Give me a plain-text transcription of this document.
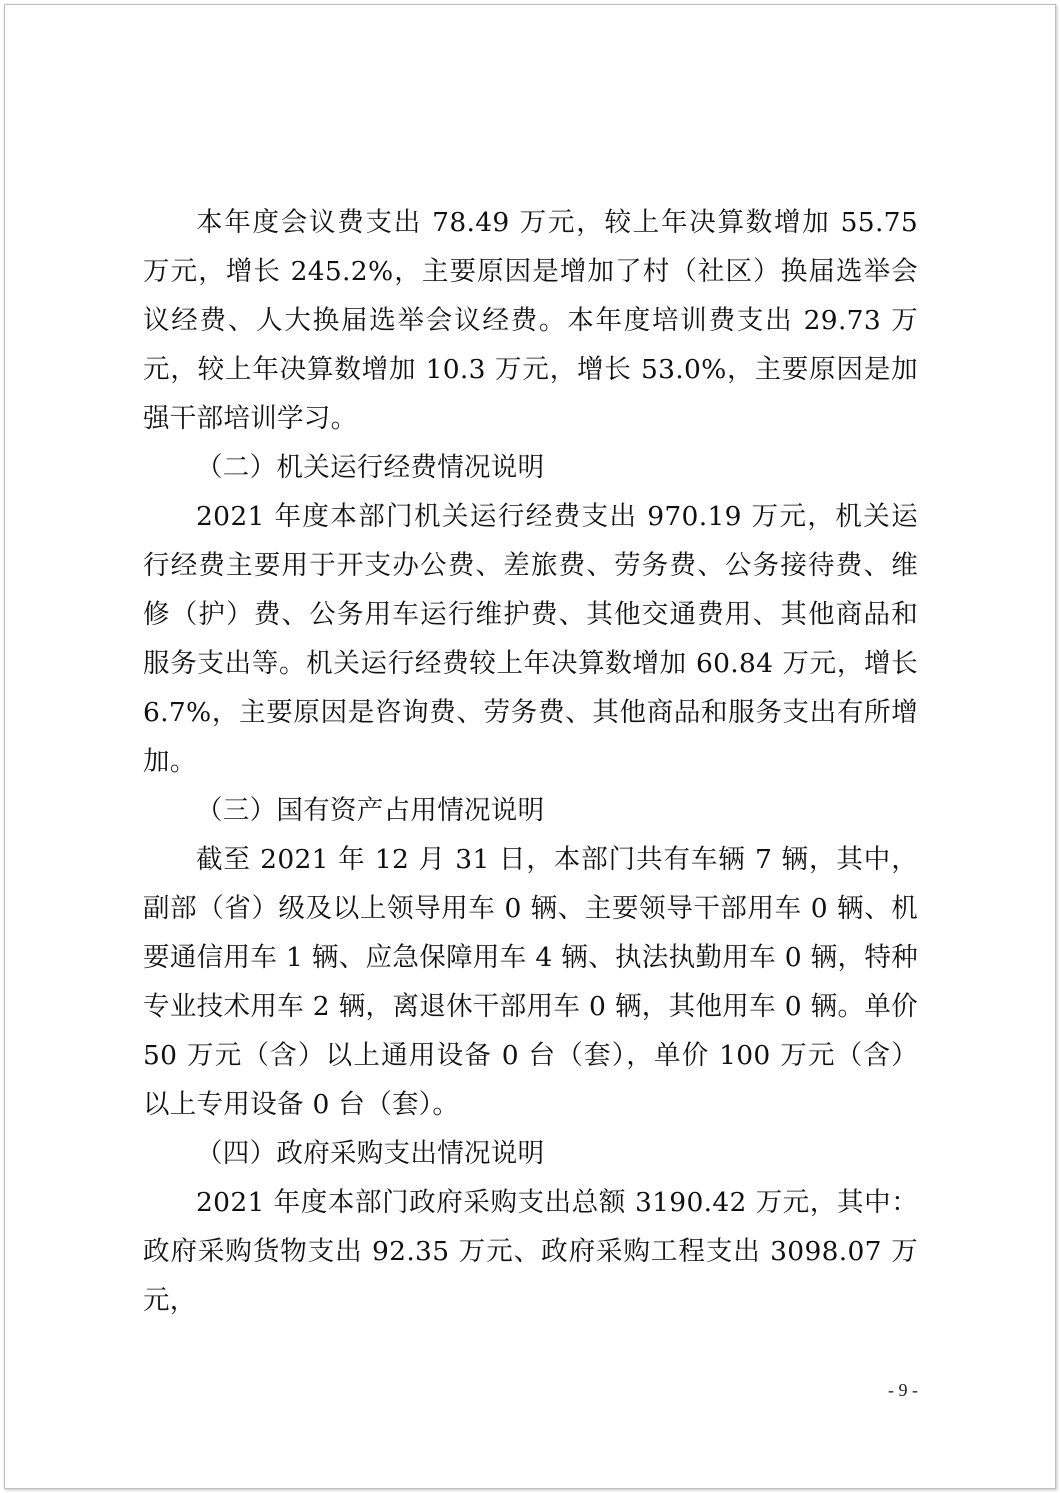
本年度会议费支出 78.49 万元，较上年决算数增加 55.75 万元，增长 245.2%，主要原因是增加了村（社区）换届选举会议经费、人大换届选举会议经费。本年度培训费支出 29.73 万元，较上年决算数增加 10.3 万元，增长 53.0%，主要原因是加强干部培训学习。

（二）机关运行经费情况说明

2021 年度本部门机关运行经费支出 970.19 万元，机关运行经费主要用于开支办公费、差旅费、劳务费、公务接待费、维修（护）费、公务用车运行维护费、其他交通费用、其他商品和服务支出等。机关运行经费较上年决算数增加 60.84 万元，增长6.7%，主要原因是咨询费、劳务费、其他商品和服务支出有所增加。

（三）国有资产占用情况说明

截至 2021 年 12 月 31 日，本部门共有车辆 7 辆，其中，副部（省）级及以上领导用车 0 辆、主要领导干部用车 0 辆、机要通信用车 1 辆、应急保障用车 4 辆、执法执勤用车 0 辆，特种专业技术用车 2 辆，离退休干部用车 0 辆，其他用车 0 辆。单价50 万元（含）以上通用设备 0 台（套），单价 100 万元（含）以上专用设备 0 台（套）。

（四）政府采购支出情况说明

2021 年度本部门政府采购支出总额 3190.42 万元，其中：政府采购货物支出 92.35 万元、政府采购工程支出 3098.07 万元，

- 9 -
